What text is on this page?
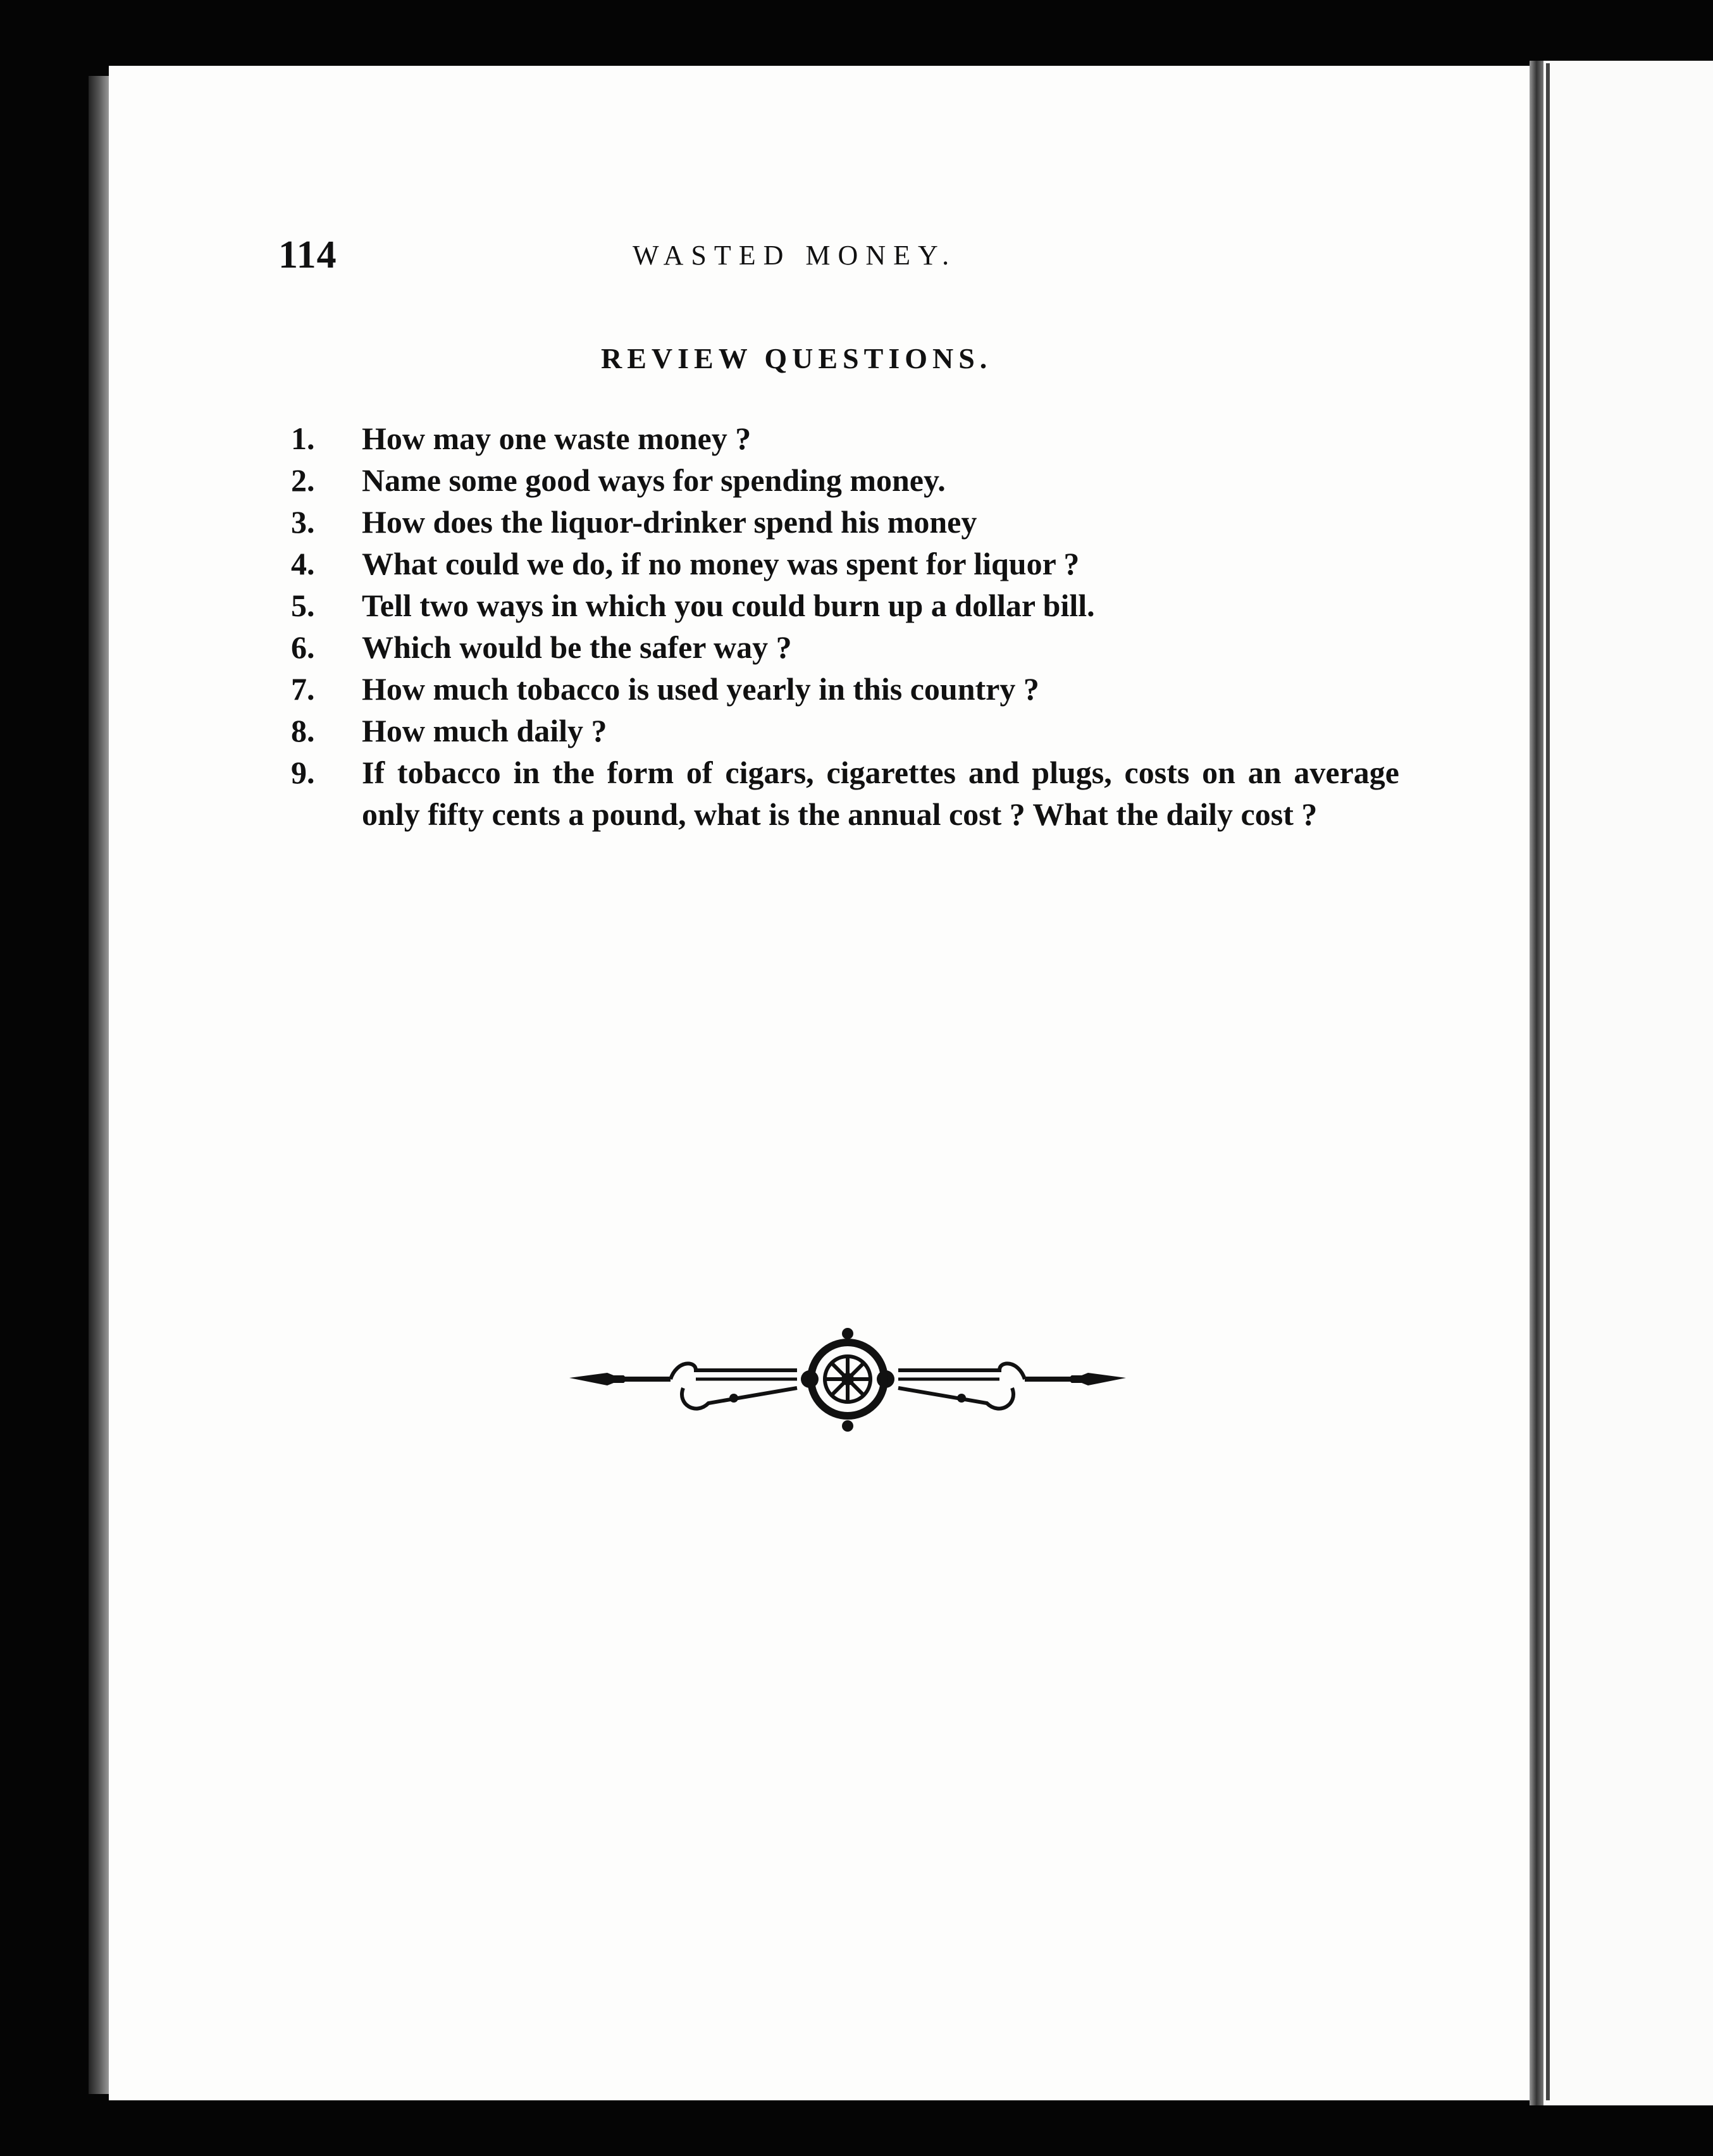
114	WASTED MONEY.
REVIEW QUESTIONS.
1.	How may one waste money ?
2.	Name some good ways for spending money.
3.	How does the liquor-drinker spend his money
4.	What could we do, if no money was spent for liquor ?
5.	Tell two ways in which you could burn up a dollar bill.
6.	Which would be the safer way ?
7.	How much tobacco is used yearly in this country ?
8.	How much daily ?
9.	If tobacco in the form of cigars, cigarettes and plugs, costs on an average only fifty cents a pound, what is the annual cost ? What the daily cost ?
